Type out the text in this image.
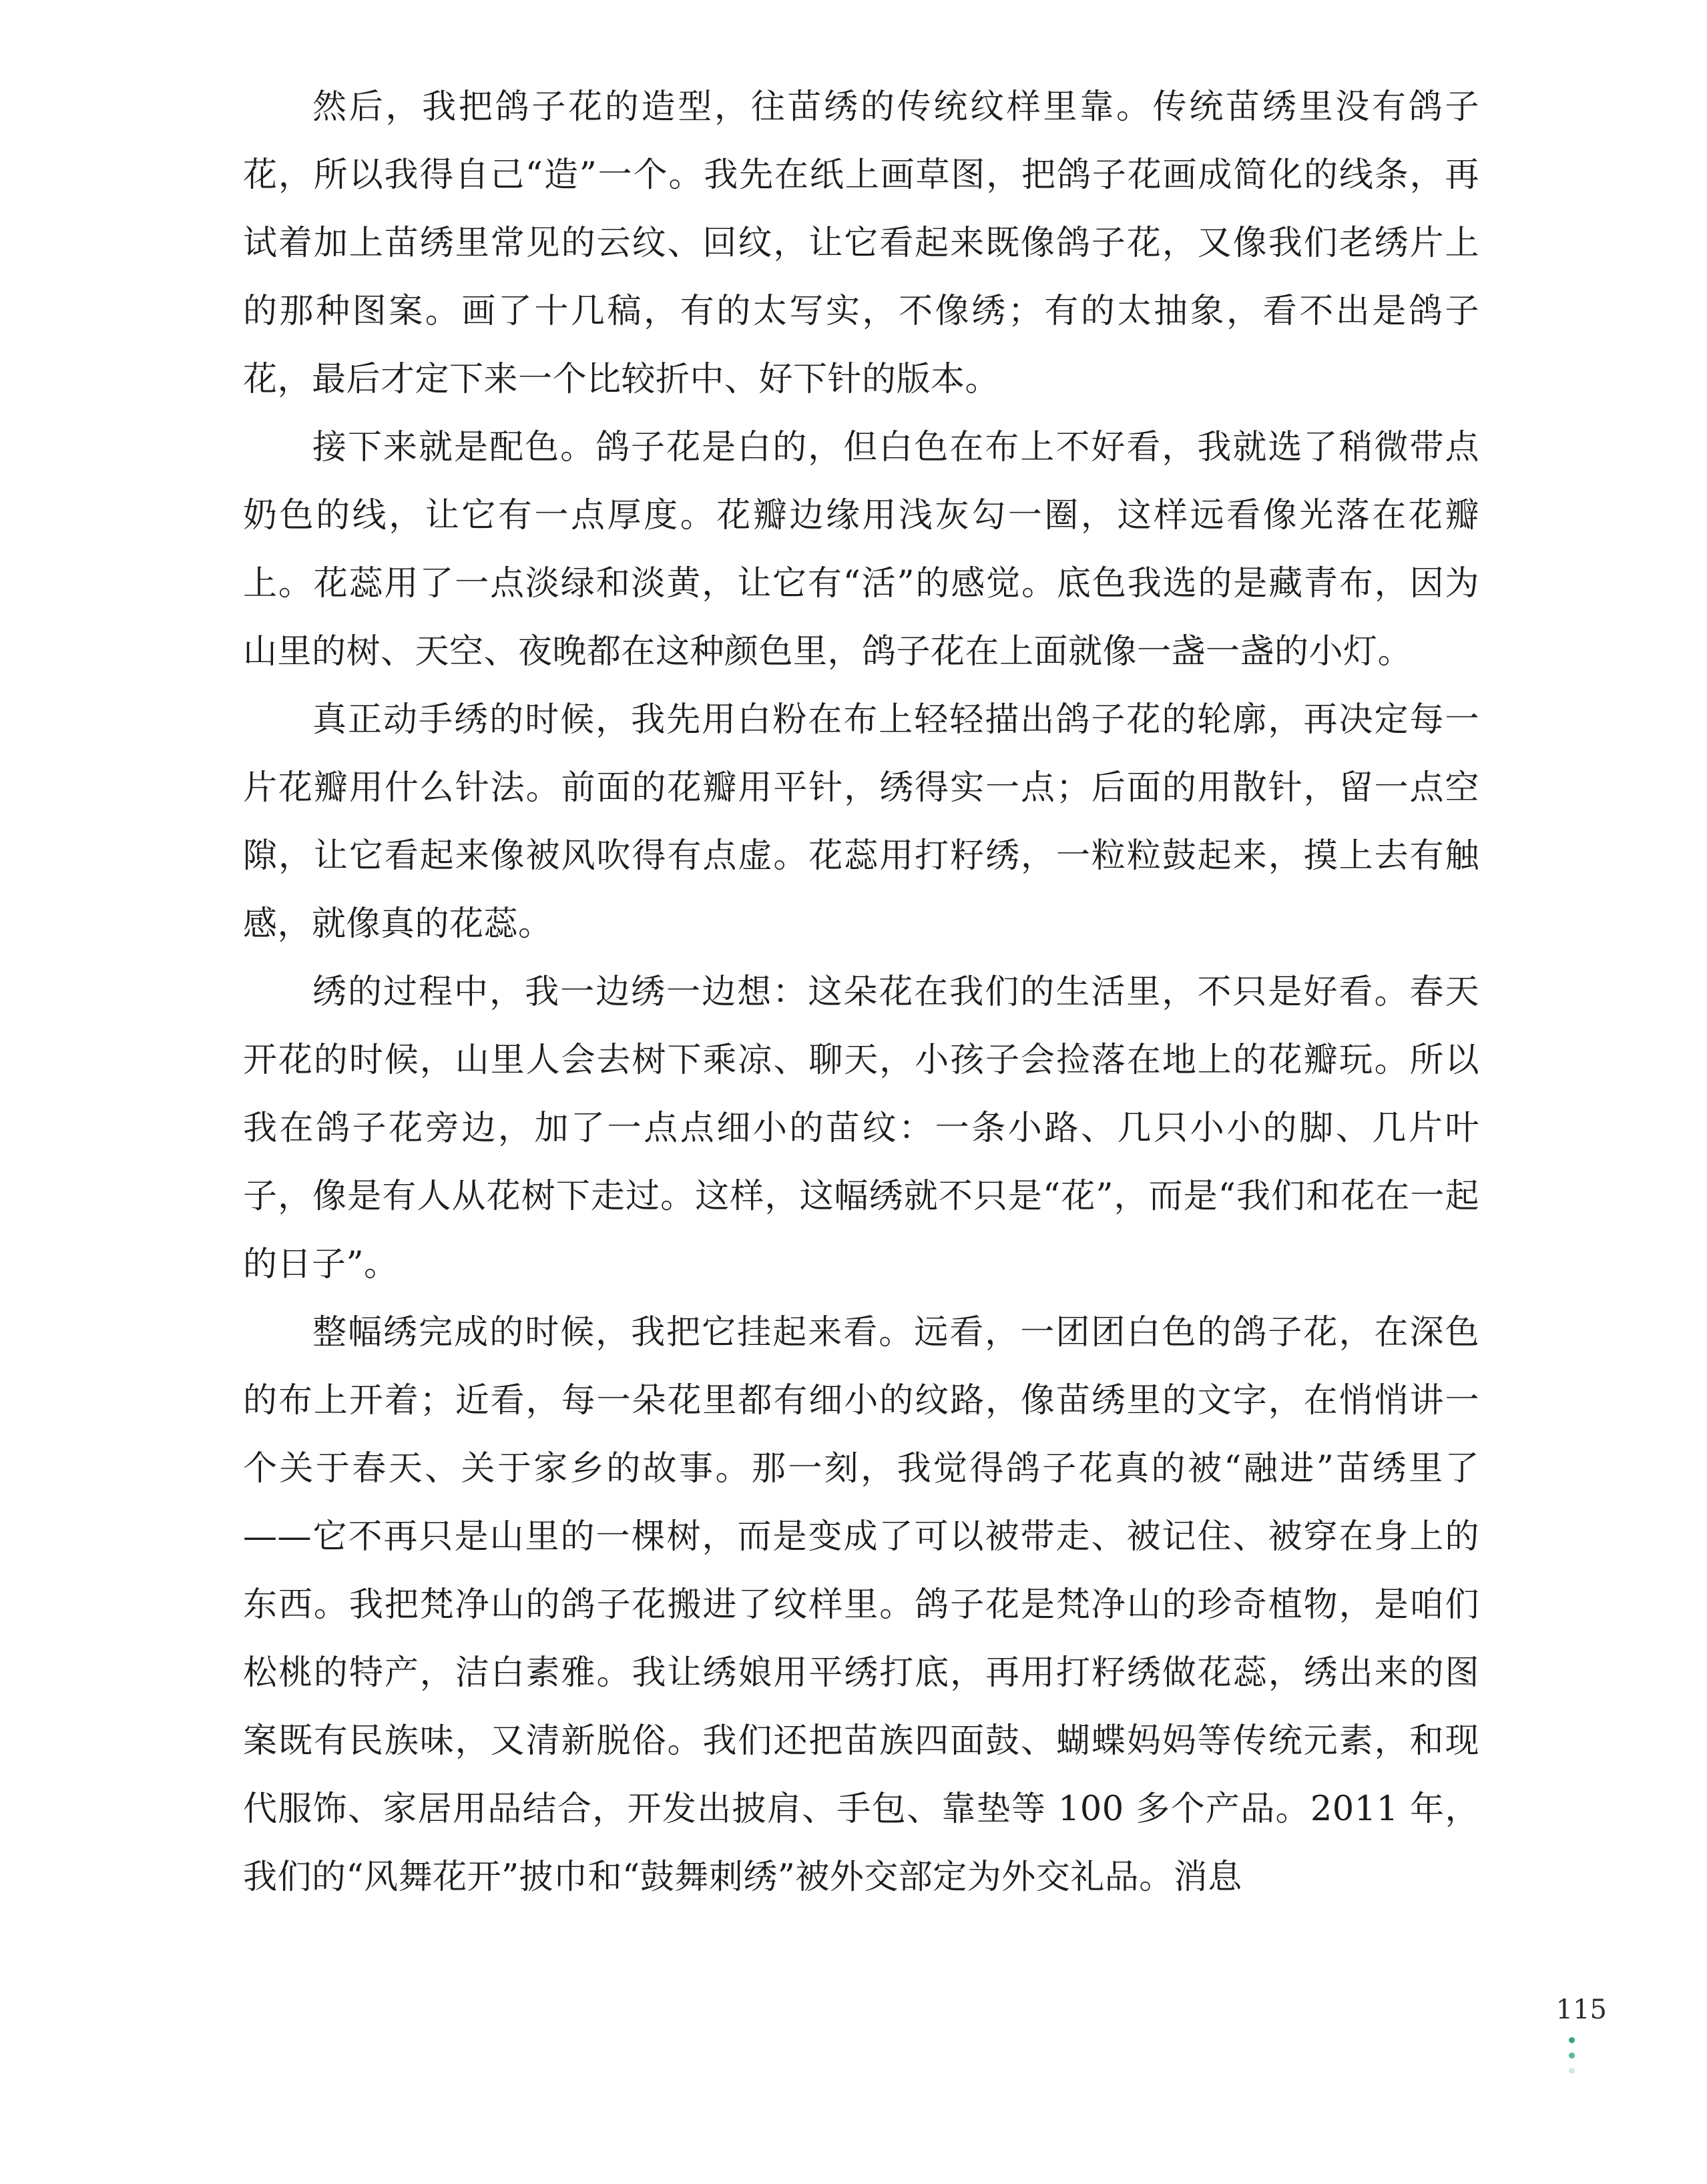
然后，我把鸽子花的造型，往苗绣的传统纹样里靠。传统苗绣里没有鸽子花，所以我得自己“造”一个。我先在纸上画草图，把鸽子花画成简化的线条，再试着加上苗绣里常见的云纹、回纹，让它看起来既像鸽子花，又像我们老绣片上的那种图案。画了十几稿，有的太写实，不像绣；有的太抽象，看不出是鸽子花，最后才定下来一个比较折中、好下针的版本。

接下来就是配色。鸽子花是白的，但白色在布上不好看，我就选了稍微带点奶色的线，让它有一点厚度。花瓣边缘用浅灰勾一圈，这样远看像光落在花瓣上。花蕊用了一点淡绿和淡黄，让它有“活”的感觉。底色我选的是藏青布，因为山里的树、天空、夜晚都在这种颜色里，鸽子花在上面就像一盏一盏的小灯。

真正动手绣的时候，我先用白粉在布上轻轻描出鸽子花的轮廓，再决定每一片花瓣用什么针法。前面的花瓣用平针，绣得实一点；后面的用散针，留一点空隙，让它看起来像被风吹得有点虚。花蕊用打籽绣，一粒粒鼓起来，摸上去有触感，就像真的花蕊。

绣的过程中，我一边绣一边想：这朵花在我们的生活里，不只是好看。春天开花的时候，山里人会去树下乘凉、聊天，小孩子会捡落在地上的花瓣玩。所以我在鸽子花旁边，加了一点点细小的苗纹：一条小路、几只小小的脚、几片叶子，像是有人从花树下走过。这样，这幅绣就不只是“花”，而是“我们和花在一起的日子”。

整幅绣完成的时候，我把它挂起来看。远看，一团团白色的鸽子花，在深色的布上开着；近看，每一朵花里都有细小的纹路，像苗绣里的文字，在悄悄讲一个关于春天、关于家乡的故事。那一刻，我觉得鸽子花真的被“融进”苗绣里了——它不再只是山里的一棵树，而是变成了可以被带走、被记住、被穿在身上的东西。我把梵净山的鸽子花搬进了纹样里。鸽子花是梵净山的珍奇植物，是咱们松桃的特产，洁白素雅。我让绣娘用平绣打底，再用打籽绣做花蕊，绣出来的图案既有民族味，又清新脱俗。我们还把苗族四面鼓、蝴蝶妈妈等传统元素，和现代服饰、家居用品结合，开发出披肩、手包、靠垫等 100 多个产品。2011 年，我们的“风舞花开”披巾和“鼓舞刺绣”被外交部定为外交礼品。消息

115
